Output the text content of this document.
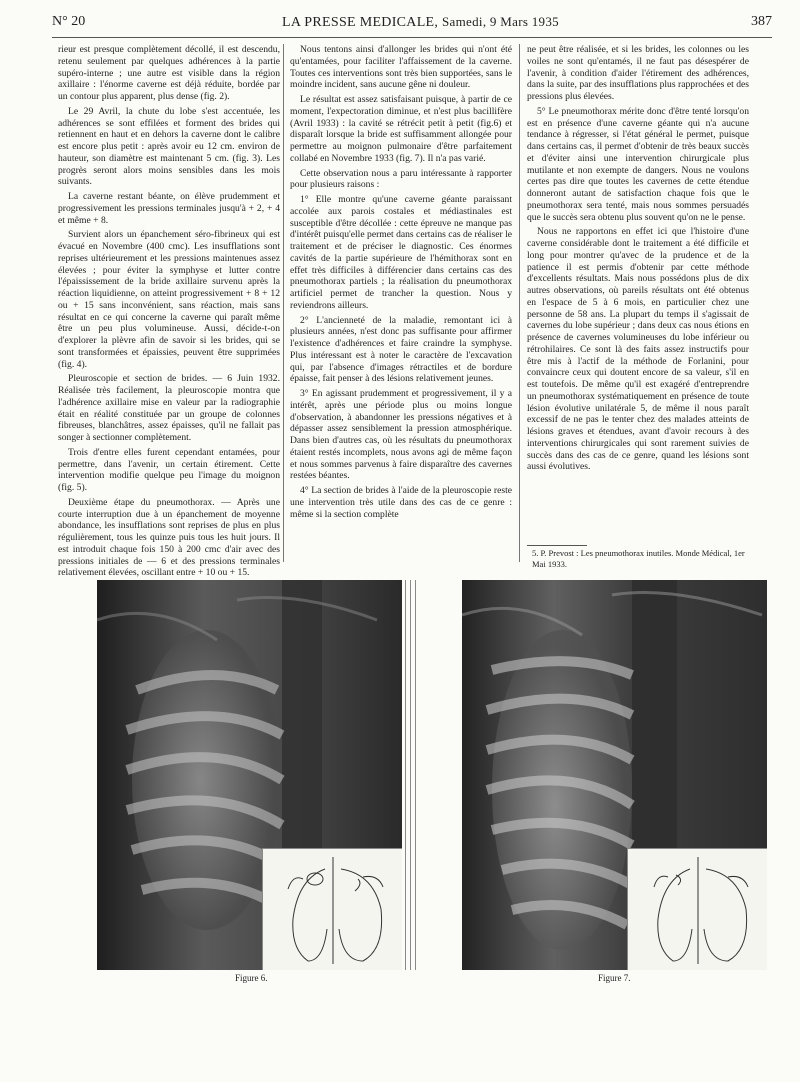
N° 20	LA PRESSE MEDICALE, Samedi, 9 Mars 1935	387

rieur est presque complètement décollé, il est descendu, retenu seulement par quelques adhérences à la partie supéro-interne ; une autre est visible dans la région axillaire : l'énorme caverne est déjà réduite, bordée par un contour plus apparent, plus dense (fig. 2).

Le 29 Avril, la chute du lobe s'est accentuée, les adhérences se sont effilées et forment des brides qui retiennent en haut et en dehors la caverne dont le calibre est encore plus petit : après avoir eu 12 cm. environ de hauteur, son diamètre est maintenant 5 cm. (fig. 3). Les progrès seront alors moins sensibles dans les mois suivants.

La caverne restant béante, on élève prudemment et progressivement les pressions terminales jusqu'à + 2, + 4 et même + 8.

Survient alors un épanchement séro-fibrineux qui est évacué en Novembre (400 cmc). Les insufflations sont reprises ultérieurement et les pressions maintenues assez élevées ; pour éviter la symphyse et lutter contre l'épaississement de la bride axillaire survenu après la réaction liquidienne, on atteint progressivement + 8 + 12 ou + 15 sans inconvénient, sans réaction, mais sans résultat en ce qui concerne la caverne qui paraît même être un peu plus volumineuse. Aussi, décide-t-on d'explorer la plèvre afin de savoir si les brides, qui se sont transformées et épaissies, peuvent être supprimées (fig. 4).

Pleuroscopie et section de brides. — 6 Juin 1932. Réalisée très facilement, la pleuroscopie montra que l'adhérence axillaire mise en valeur par la radiographie était en réalité constituée par un groupe de colonnes fibreuses, blanchâtres, assez épaisses, qu'il ne fallait pas songer à sectionner complètement.

Trois d'entre elles furent cependant entamées, pour permettre, dans l'avenir, un certain étirement. Cette intervention modifie quelque peu l'image du moignon (fig. 5).

Deuxième étape du pneumothorax. — Après une courte interruption due à un épanchement de moyenne abondance, les insufflations sont reprises de plus en plus régulièrement, tous les quinze puis tous les huit jours. Il est introduit chaque fois 150 à 200 cmc d'air avec des pressions initiales de — 6 et des pressions terminales relativement élevées, oscillant entre + 10 ou + 15.

Nous tentons ainsi d'allonger les brides qui n'ont été qu'entamées, pour faciliter l'affaissement de la caverne. Toutes ces interventions sont très bien supportées, sans le moindre incident, sans aucune gêne ni douleur.

Le résultat est assez satisfaisant puisque, à partir de ce moment, l'expectoration diminue, et n'est plus bacillifère (Avril 1933) : la cavité se rétrécit petit à petit (fig.6) et disparaît lorsque la bride est suffisamment allongée pour permettre au moignon pulmonaire d'être parfaitement collabé en Novembre 1933 (fig. 7). Il n'a pas varié.

Cette observation nous a paru intéressante à rapporter pour plusieurs raisons :

1° Elle montre qu'une caverne géante paraissant accolée aux parois costales et médiastinales est susceptible d'être décollée : cette épreuve ne manque pas d'intérêt puisqu'elle permet dans certains cas de réaliser le traitement et de préciser le diagnostic. Ces énormes cavités de la partie supérieure de l'hémithorax sont en effet très difficiles à différencier dans certains cas des pneumothorax partiels ; la réalisation du pneumothorax artificiel permet de trancher la question. Nous y reviendrons ailleurs.

2° L'ancienneté de la maladie, remontant ici à plusieurs années, n'est donc pas suffisante pour affirmer l'existence d'adhérences et faire craindre la symphyse. Plus intéressant est à noter le caractère de l'excavation qui, par l'absence d'images rétractiles et de bordure épaisse, fait penser à des lésions relativement jeunes.

3° En agissant prudemment et progressivement, il y a intérêt, après une période plus ou moins longue d'observation, à abandonner les pressions négatives et à dépasser assez sensiblement la pression atmosphérique. Dans bien d'autres cas, où les résultats du pneumothorax étaient restés incomplets, nous avons agi de même façon et nous sommes parvenus à faire disparaître des cavernes restées béantes.

4° La section de brides à l'aide de la pleuroscopie reste une intervention très utile dans des cas de ce genre : même si la section complète

ne peut être réalisée, et si les brides, les colonnes ou les voiles ne sont qu'entamés, il ne faut pas désespérer de l'avenir, à condition d'aider l'étirement des adhérences, dans la suite, par des insufflations plus rapprochées et des pressions plus élevées.

5° Le pneumothorax mérite donc d'être tenté lorsqu'on est en présence d'une caverne géante qui n'a aucune tendance à régresser, si l'état général le permet, puisque dans certains cas, il permet d'obtenir de très beaux succès et d'éviter ainsi une intervention chirurgicale plus mutilante et non exempte de dangers. Nous ne voulons certes pas dire que toutes les cavernes de cette étendue donneront autant de satisfaction chaque fois que le pneumothorax sera tenté, mais nous sommes persuadés que le succès sera obtenu plus souvent qu'on ne le pense.

Nous ne rapportons en effet ici que l'histoire d'une caverne considérable dont le traitement a été difficile et long pour montrer qu'avec de la prudence et de la patience il est permis d'obtenir par cette méthode d'excellents résultats. Mais nous possédons plus de dix autres observations, où pareils résultats ont été obtenus en l'espace de 5 à 6 mois, en particulier chez une personne de 58 ans. La plupart du temps il s'agissait de cavernes du lobe supérieur ; dans deux cas nous étions en présence de cavernes volumineuses du lobe inférieur ou rétrohilaires. Ce sont là des faits assez instructifs pour être mis à l'actif de la méthode de Forlanini, pour convaincre ceux qui doutent encore de sa valeur, s'il en est toutefois. De même qu'il est exagéré d'entreprendre un pneumothorax systématiquement en présence de toute lésion évolutive unilatérale 5, de même il nous paraît excessif de ne pas le tenter chez des malades atteints de lésions graves et étendues, avant d'avoir recours à des interventions chirurgicales qui sont rarement suivies de succès dans des cas de ce genre, quand les lésions sont aussi évolutives.

5. P. Prevost : Les pneumothorax inutiles. Monde Médical, 1er Mai 1933.
Figure 6.	Figure 7.
